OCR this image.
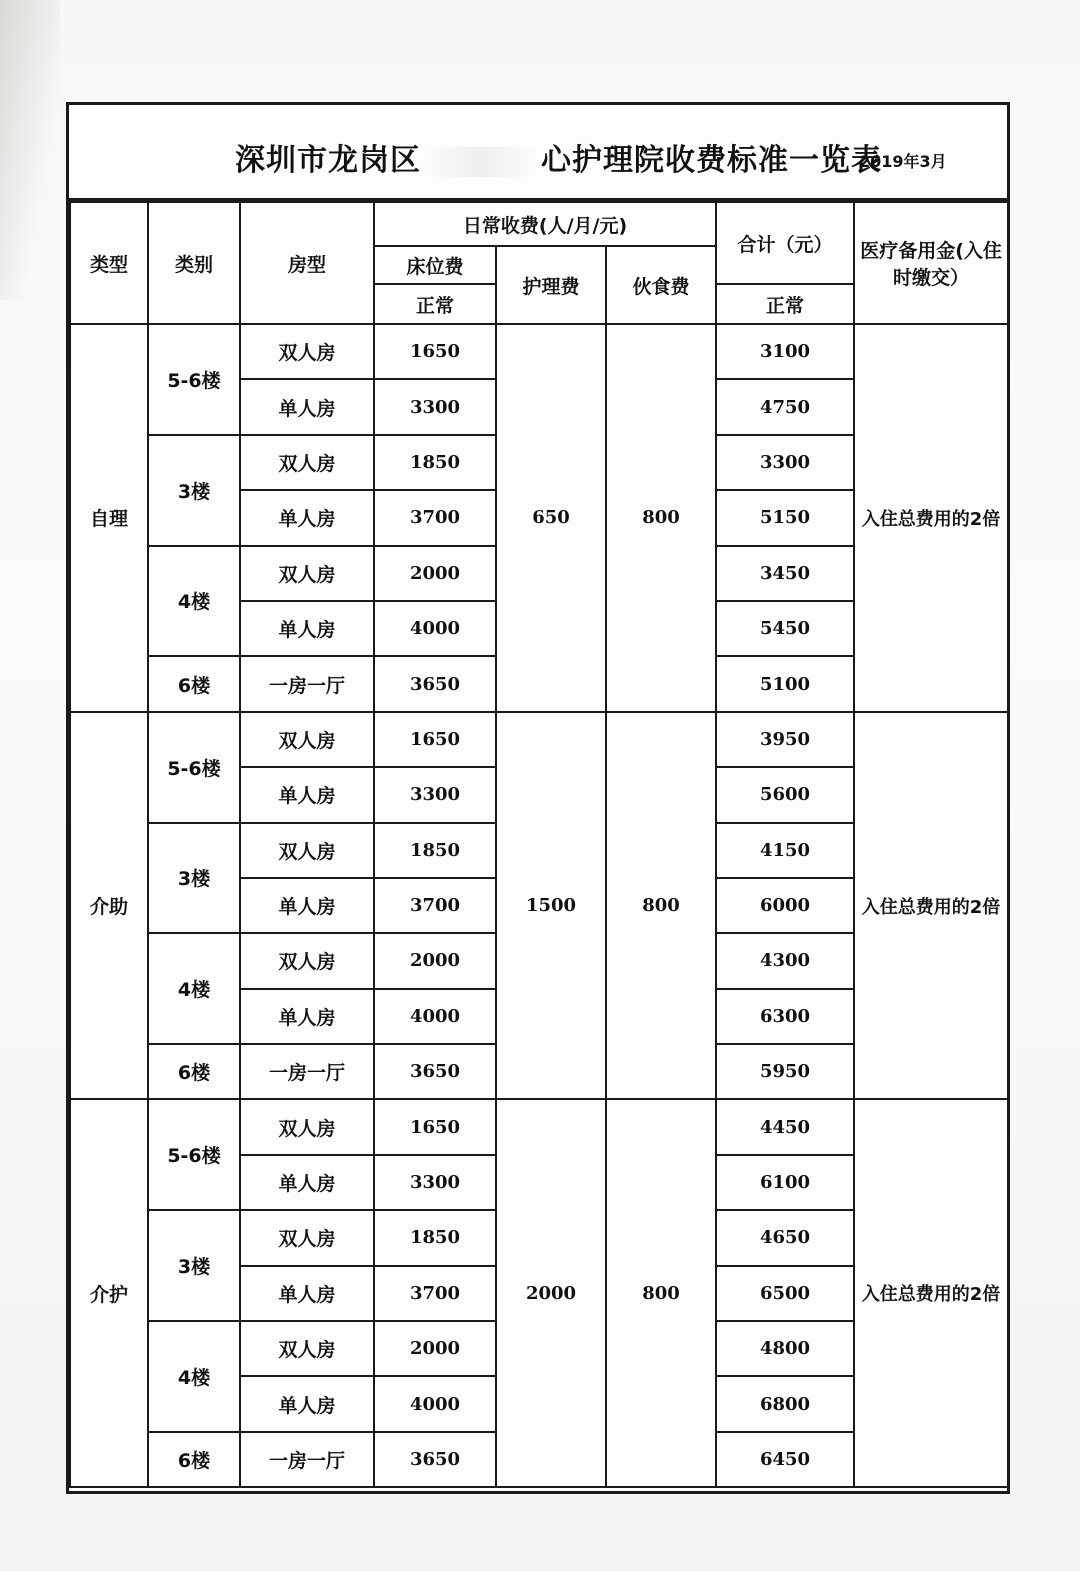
深圳市龙岗区	心护理院收费标准一览表
2019年3月
类型	类别	房型	日常收费(人/月/元)			合计（元）	医疗备用金(入住时缴交）
			床位费	护理费	伙食费		
			正常			正常	
自理	5-6楼	双人房	1650	650	800	3100	入住总费用的2倍
		单人房	3300			4750	
	3楼	双人房	1850			3300	
		单人房	3700			5150	
	4楼	双人房	2000			3450	
		单人房	4000			5450	
	6楼	一房一厅	3650			5100	
介助	5-6楼	双人房	1650	1500	800	3950	入住总费用的2倍
		单人房	3300			5600	
	3楼	双人房	1850			4150	
		单人房	3700			6000	
	4楼	双人房	2000			4300	
		单人房	4000			6300	
	6楼	一房一厅	3650			5950	
介护	5-6楼	双人房	1650	2000	800	4450	入住总费用的2倍
		单人房	3300			6100	
	3楼	双人房	1850			4650	
		单人房	3700			6500	
	4楼	双人房	2000			4800	
		单人房	4000			6800	
	6楼	一房一厅	3650			6450	
